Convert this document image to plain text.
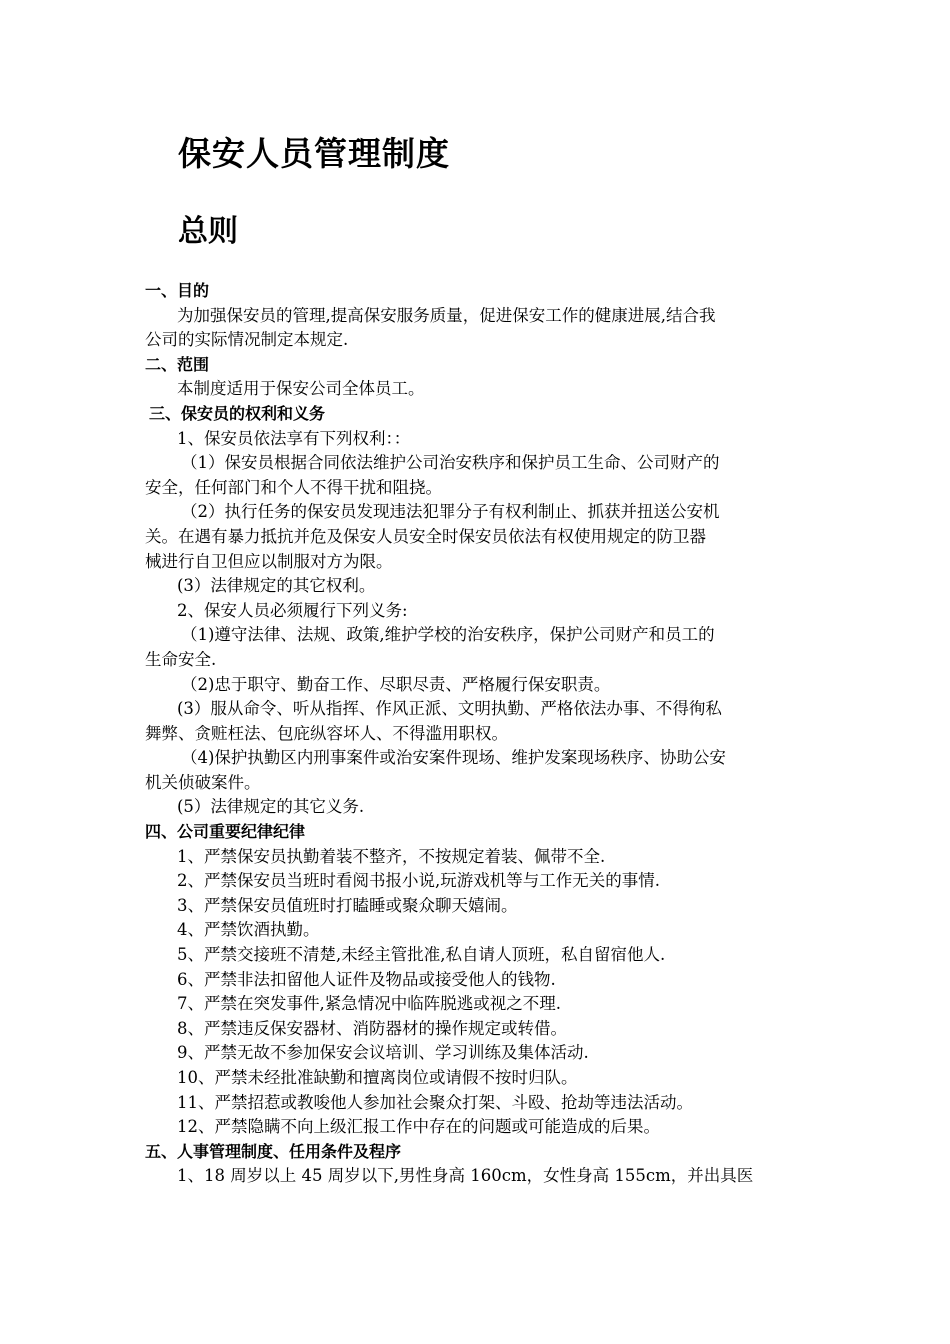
保安人员管理制度
总则
一、目的
为加强保安员的管理,提高保安服务质量，促进保安工作的健康进展,结合我
公司的实际情况制定本规定.
二、范围
本制度适用于保安公司全体员工。
三、保安员的权利和义务
1、保安员依法享有下列权利：：
（1）保安员根据合同依法维护公司治安秩序和保护员工生命、公司财产的
安全，任何部门和个人不得干扰和阻挠。
（2）执行任务的保安员发现违法犯罪分子有权利制止、抓获并扭送公安机
关。在遇有暴力抵抗并危及保安人员安全时保安员依法有权使用规定的防卫器
械进行自卫但应以制服对方为限。
(3）法律规定的其它权利。
2、保安人员必须履行下列义务:
（1)遵守法律、法规、政策,维护学校的治安秩序，保护公司财产和员工的
生命安全.
（2)忠于职守、勤奋工作、尽职尽责、严格履行保安职责。
(3）服从命令、听从指挥、作风正派、文明执勤、严格依法办事、不得徇私
舞弊、贪赃枉法、包庇纵容坏人、不得滥用职权。
（4)保护执勤区内刑事案件或治安案件现场、维护发案现场秩序、协助公安
机关侦破案件。
(5）法律规定的其它义务.
四、公司重要纪律纪律
1、严禁保安员执勤着装不整齐，不按规定着装、佩带不全.
2、严禁保安员当班时看阅书报小说,玩游戏机等与工作无关的事情.
3、严禁保安员值班时打瞌睡或聚众聊天嬉闹。
4、严禁饮酒执勤。
5、严禁交接班不清楚,未经主管批准,私自请人顶班，私自留宿他人.
6、严禁非法扣留他人证件及物品或接受他人的钱物.
7、严禁在突发事件,紧急情况中临阵脱逃或视之不理.
8、严禁违反保安器材、消防器材的操作规定或转借。
9、严禁无故不参加保安会议培训、学习训练及集体活动.
10、严禁未经批准缺勤和擅离岗位或请假不按时归队。
11、严禁招惹或教唆他人参加社会聚众打架、斗殴、抢劫等违法活动。
12、严禁隐瞒不向上级汇报工作中存在的问题或可能造成的后果。
五、人事管理制度、任用条件及程序
1、18 周岁以上 45 周岁以下,男性身高 160cm，女性身高 155cm，并出具医
